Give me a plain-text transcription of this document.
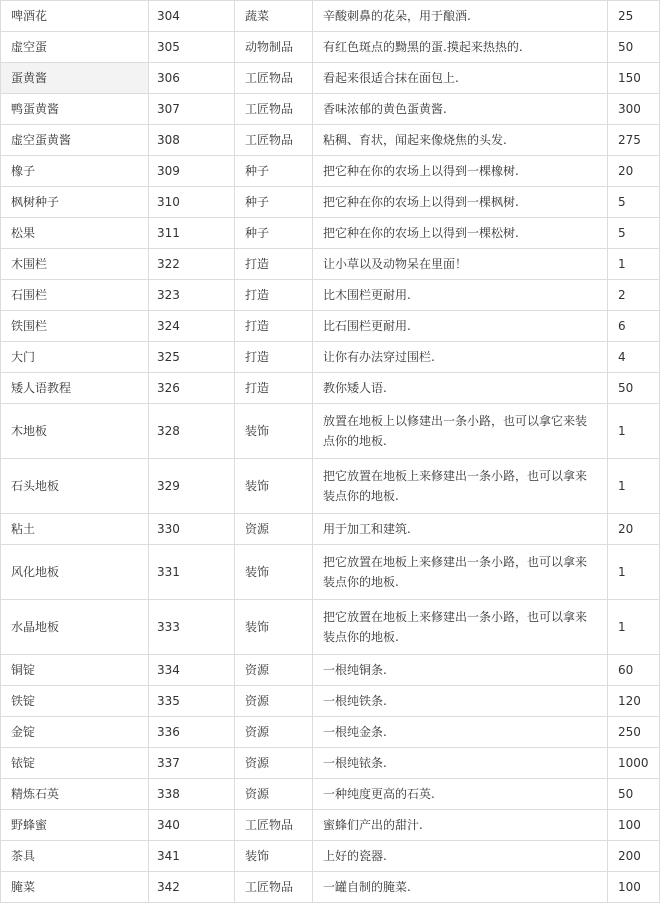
啤酒花	304	蔬菜	辛酸刺鼻的花朵，用于酿酒.	25
虚空蛋	305	动物制品	有红色斑点的黝黑的蛋.摸起来热热的.	50
蛋黄酱	306	工匠物品	看起来很适合抹在面包上.	150
鸭蛋黄酱	307	工匠物品	香味浓郁的黄色蛋黄酱.	300
虚空蛋黄酱	308	工匠物品	粘稠、育状，闻起来像烧焦的头发.	275
橡子	309	种子	把它种在你的农场上以得到一棵橡树.	20
枫树种子	310	种子	把它种在你的农场上以得到一棵枫树.	5
松果	311	种子	把它种在你的农场上以得到一棵松树.	5
木围栏	322	打造	让小草以及动物呆在里面！	1
石围栏	323	打造	比木围栏更耐用.	2
铁围栏	324	打造	比石围栏更耐用.	6
大门	325	打造	让你有办法穿过围栏.	4
矮人语教程	326	打造	教你矮人语.	50
木地板	328	装饰	放置在地板上以修建出一条小路，也可以拿它来装点你的地板.	1
石头地板	329	装饰	把它放置在地板上来修建出一条小路，也可以拿来装点你的地板.	1
粘土	330	资源	用于加工和建筑.	20
风化地板	331	装饰	把它放置在地板上来修建出一条小路，也可以拿来装点你的地板.	1
水晶地板	333	装饰	把它放置在地板上来修建出一条小路，也可以拿来装点你的地板.	1
铜锭	334	资源	一根纯铜条.	60
铁锭	335	资源	一根纯铁条.	120
金锭	336	资源	一根纯金条.	250
铱锭	337	资源	一根纯铱条.	1000
精炼石英	338	资源	一种纯度更高的石英.	50
野蜂蜜	340	工匠物品	蜜蜂们产出的甜汁.	100
茶具	341	装饰	上好的瓷器.	200
腌菜	342	工匠物品	一罐自制的腌菜.	100
